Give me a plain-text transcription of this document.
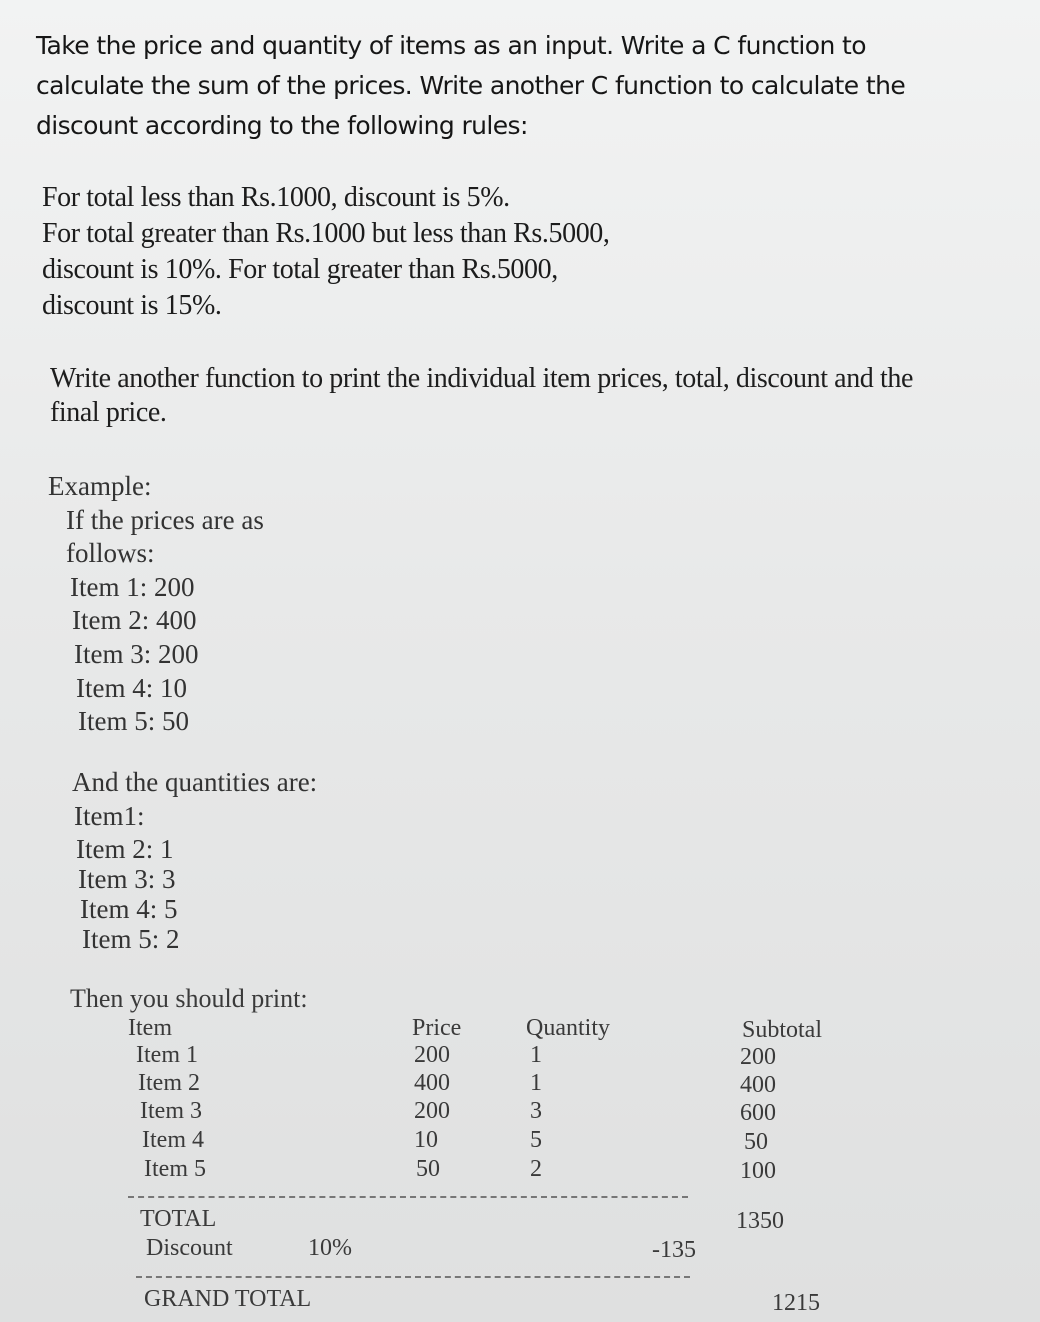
Take the price and quantity of items as an input. Write a C function to
calculate the sum of the prices. Write another C function to calculate the
discount according to the following rules:
For total less than Rs.1000, discount is 5%.
For total greater than Rs.1000 but less than Rs.5000,
discount is 10%. For total greater than Rs.5000,
discount is 15%.
Write another function to print the individual item prices, total, discount and the
final price.
Example:
If the prices are as
follows:
Item 1: 200
Item 2: 400
Item 3: 200
Item 4: 10
Item 5: 50
And the quantities are:
Item1:
Item 2: 1
Item 3: 3
Item 4: 5
Item 5: 2
Then you should print:
Item	Price	Quantity	Subtotal
Item 1	200	1	200
Item 2	400	1	400
Item 3	200	3	600
Item 4	10	5	50
Item 5	50	2	100
TOTAL	1350
Discount	10%	-135
GRAND TOTAL	1215
